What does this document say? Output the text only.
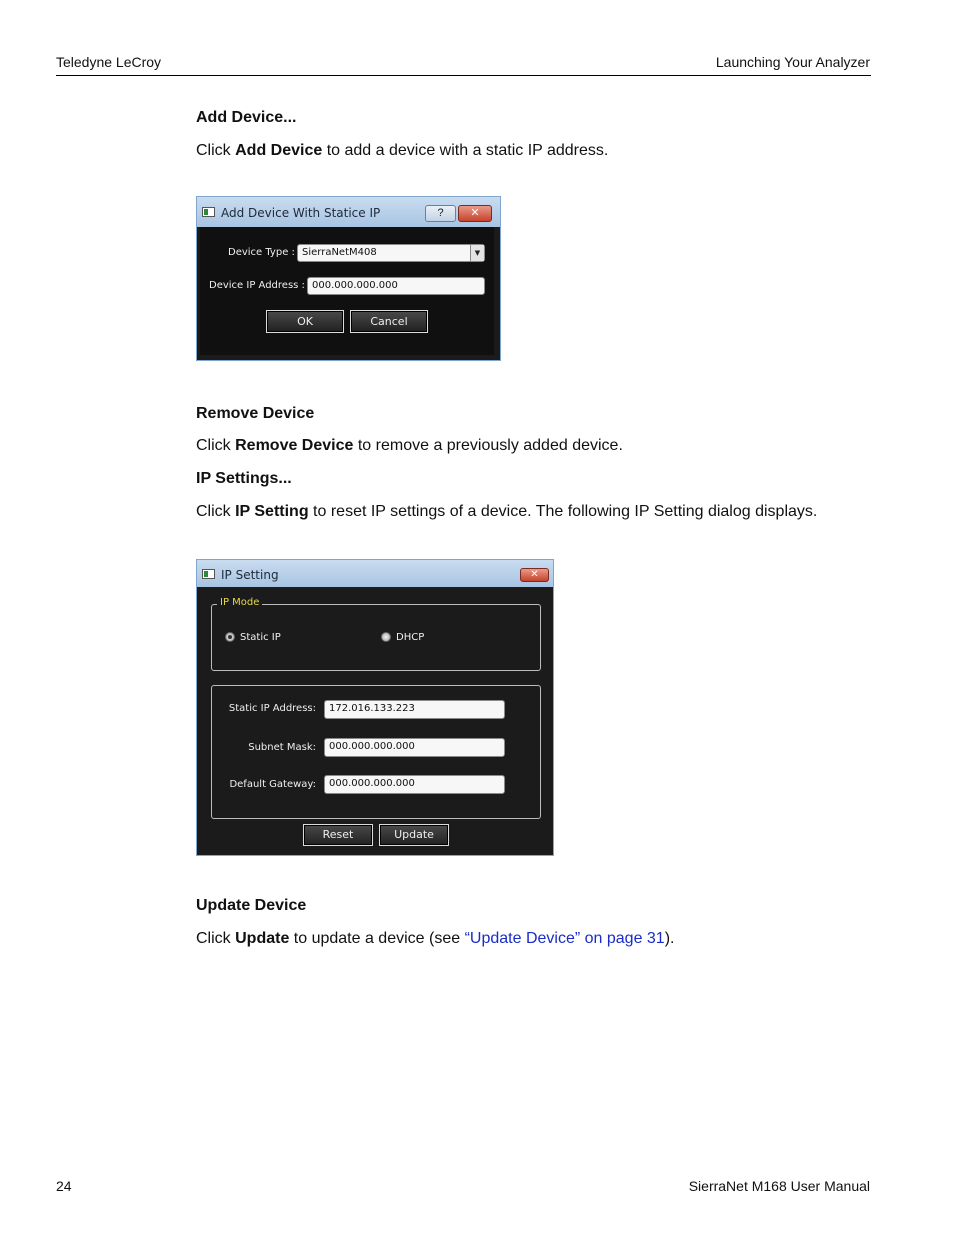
Teledyne LeCroy	Launching Your Analyzer
Add Device...
Click Add Device to add a device with a static IP address.
Add Device With Statice IP	?	✕
Device Type : SierraNetM408	▼
Device IP Address : 000.000.000.000
OK	Cancel
Remove Device
Click Remove Device to remove a previously added device.
IP Settings...
Click IP Setting to reset IP settings of a device. The following IP Setting dialog displays.
IP Setting	✕
IP Mode
Static IP	DHCP
Static IP Address:	172.016.133.223
Subnet Mask:	000.000.000.000
Default Gateway:	000.000.000.000
Reset	Update
Update Device
Click Update to update a device (see “Update Device” on page 31).
24	SierraNet M168 User Manual
